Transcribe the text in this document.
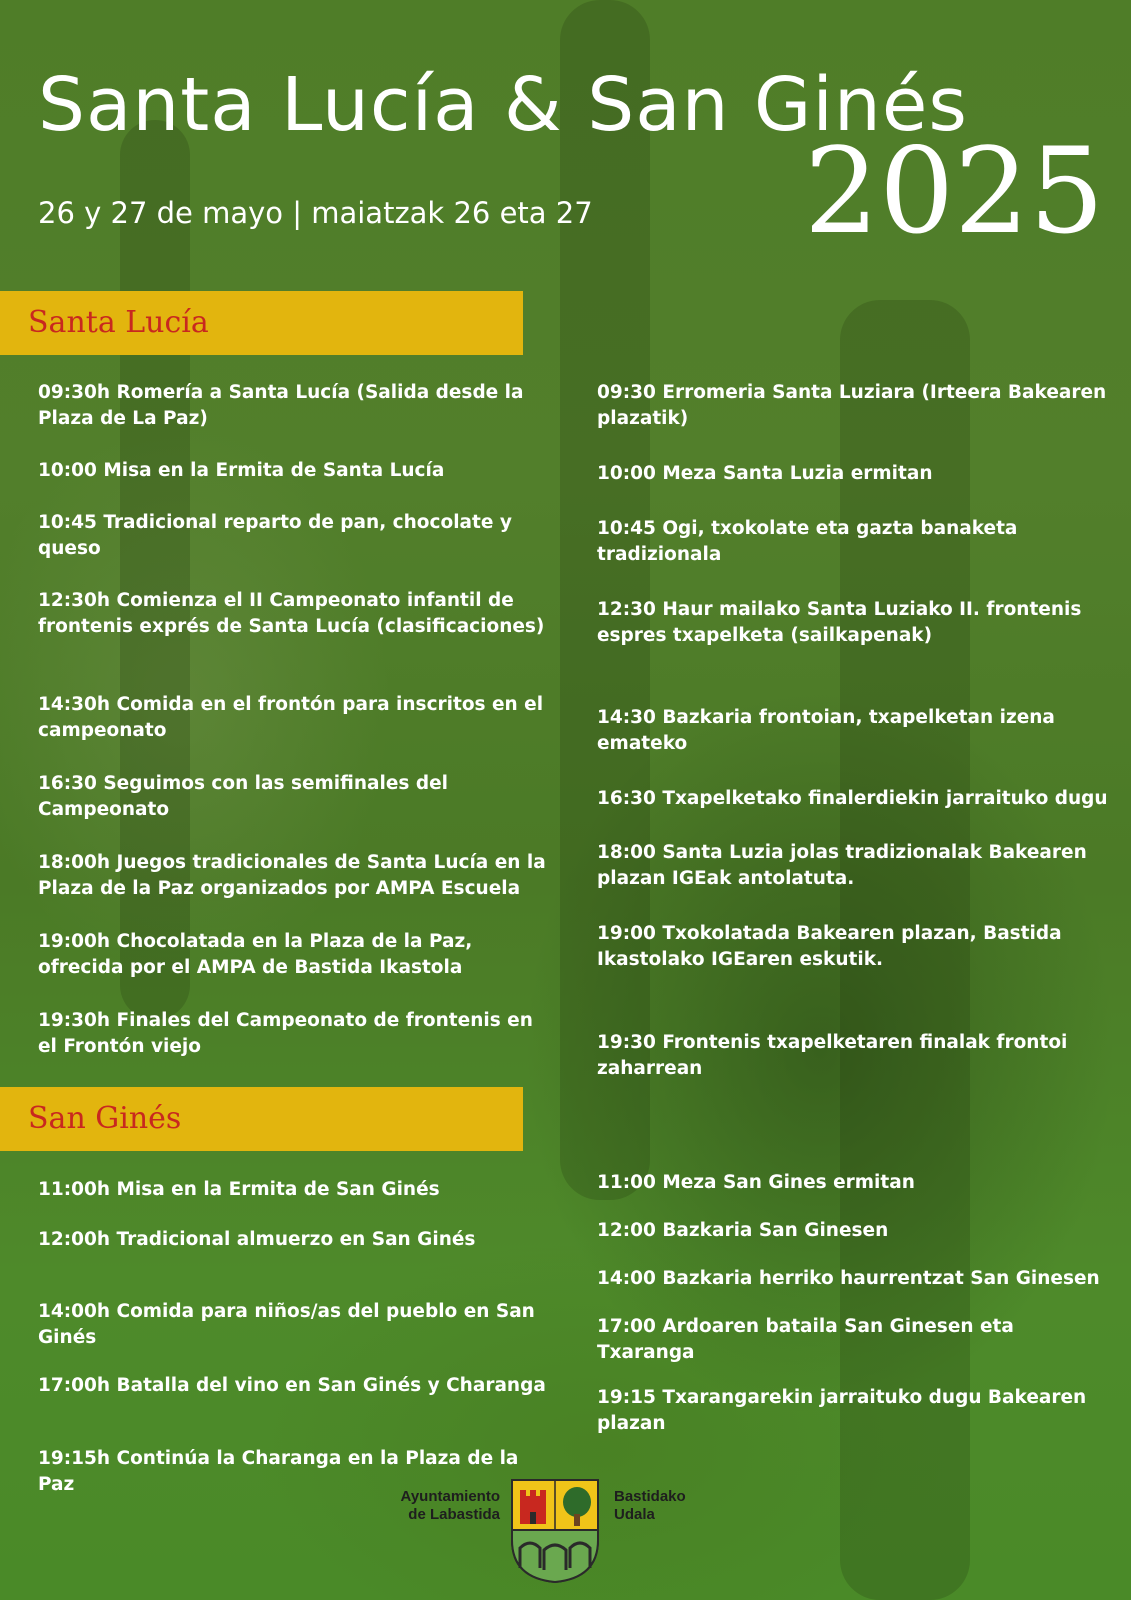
Santa Lucía & San Ginés
2025
26 y 27 de mayo | maiatzak 26 eta 27
Santa Lucía

09:30h Romería a Santa Lucía (Salida desde la Plaza de La Paz)

10:00 Misa en la Ermita de Santa Lucía

10:45 Tradicional reparto de pan, chocolate y queso

12:30h Comienza el II Campeonato infantil de frontenis exprés de Santa Lucía (clasificaciones)

14:30h Comida en el frontón para inscritos en el campeonato

16:30 Seguimos con las semifinales del Campeonato

18:00h Juegos tradicionales de Santa Lucía en la Plaza de la Paz organizados por AMPA Escuela

19:00h Chocolatada en la Plaza de la Paz, ofrecida por el AMPA de Bastida Ikastola

19:30h Finales del Campeonato de frontenis en el Frontón viejo

09:30 Erromeria Santa Luziara (Irteera Bakearen plazatik)

10:00 Meza Santa Luzia ermitan

10:45 Ogi, txokolate eta gazta banaketa tradizionala

12:30 Haur mailako Santa Luziako II. frontenis espres txapelketa (sailkapenak)

14:30 Bazkaria frontoian, txapelketan izena emateko

16:30 Txapelketako finalerdiekin jarraituko dugu

18:00 Santa Luzia jolas tradizionalak Bakearen plazan IGEak antolatuta.

19:00 Txokolatada Bakearen plazan, Bastida Ikastolako IGEaren eskutik.

19:30 Frontenis txapelketaren finalak frontoi zaharrean

San Ginés

11:00h Misa en la Ermita de San Ginés

12:00h Tradicional almuerzo en San Ginés

14:00h Comida para niños/as del pueblo en San Ginés

17:00h Batalla del vino en San Ginés y Charanga

19:15h Continúa la Charanga en la Plaza de la Paz

11:00 Meza San Gines ermitan

12:00 Bazkaria San Ginesen

14:00 Bazkaria herriko haurrentzat San Ginesen

17:00 Ardoaren bataila San Ginesen eta Txaranga

19:15 Txarangarekin jarraituko dugu Bakearen plazan

Ayuntamiento
de Labastida
Bastidako
Udala
